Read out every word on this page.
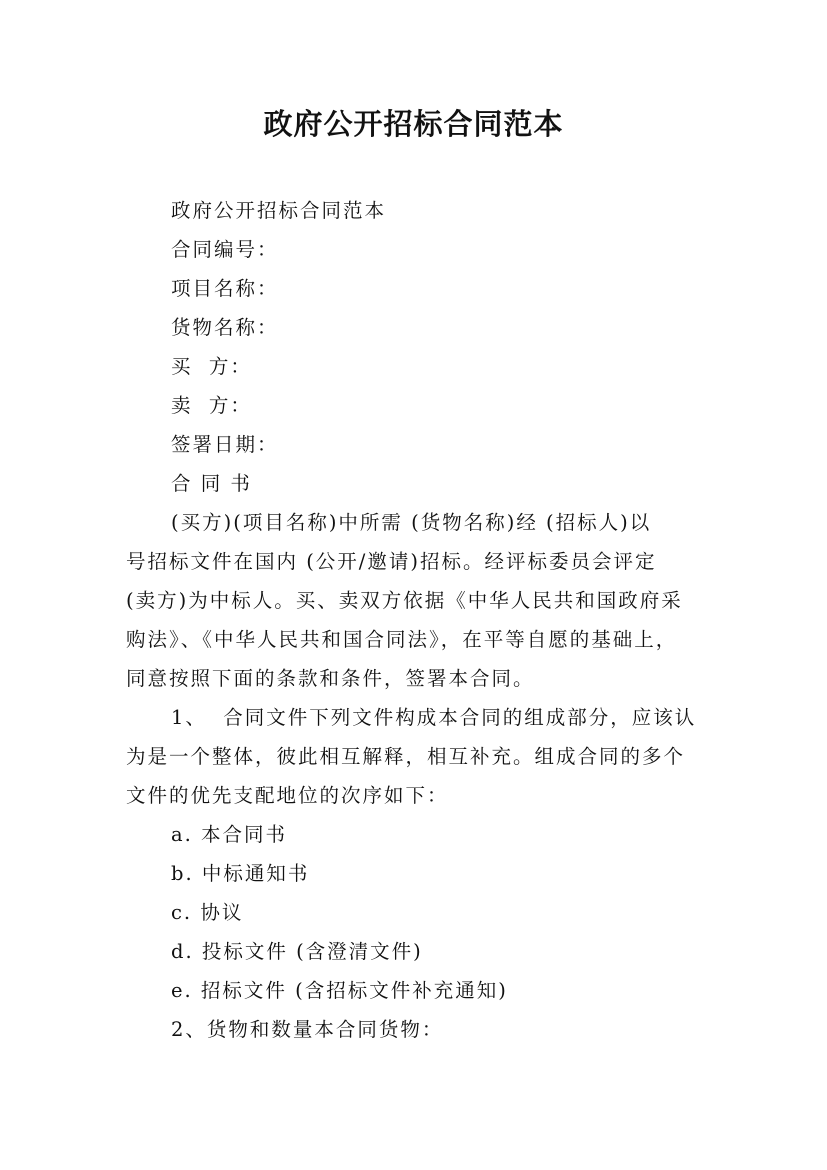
政府公开招标合同范本
政府公开招标合同范本
合同编号：
项目名称：
货物名称：
买  方：
卖  方：
签署日期：
合 同 书
(买方)(项目名称)中所需 (货物名称)经 (招标人)以
号招标文件在国内 (公开/邀请)招标。经评标委员会评定
(卖方)为中标人。买、卖双方依据《中华人民共和国政府采
购法》、《中华人民共和国合同法》，在平等自愿的基础上，
同意按照下面的条款和条件，签署本合同。
1、  合同文件下列文件构成本合同的组成部分，应该认
为是一个整体，彼此相互解释，相互补充。组成合同的多个
文件的优先支配地位的次序如下：
a. 本合同书
b. 中标通知书
c. 协议
d. 投标文件 (含澄清文件)
e. 招标文件 (含招标文件补充通知)
2、货物和数量本合同货物：
